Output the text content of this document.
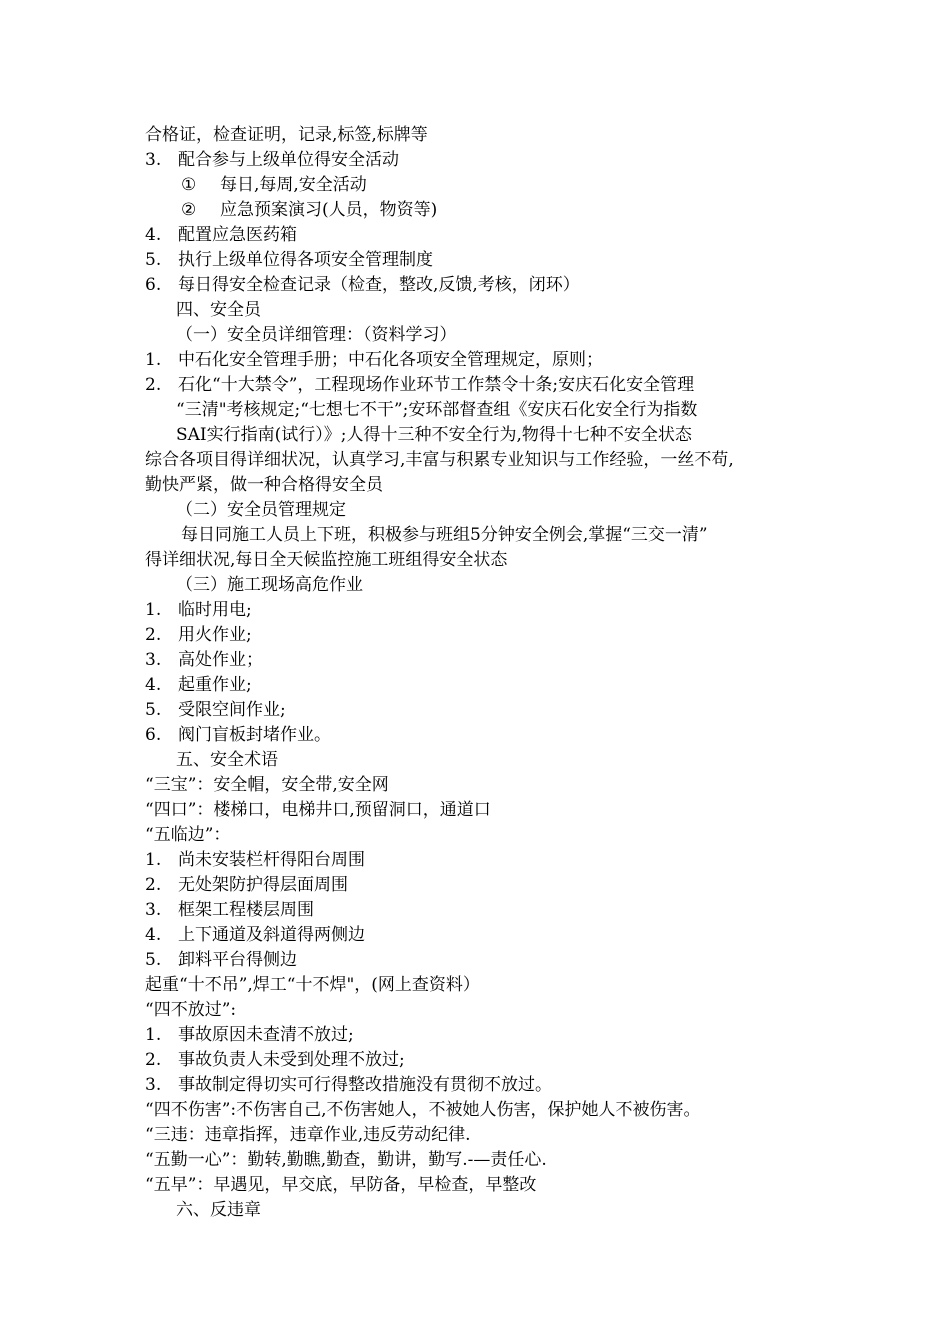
合格证，检查证明，记录,标签,标牌等
3. 配合参与上级单位得安全活动
① 每日,每周,安全活动
② 应急预案演习(人员，物资等)
4. 配置应急医药箱
5. 执行上级单位得各项安全管理制度
6. 每日得安全检查记录（检查，整改,反馈,考核，闭环）
四、安全员
（一）安全员详细管理：（资料学习）
1. 中石化安全管理手册；中石化各项安全管理规定，原则；
2. 石化“十大禁令”，工程现场作业环节工作禁令十条;安庆石化安全管理
“三清"考核规定;“七想七不干”;安环部督查组《安庆石化安全行为指数
SAI实行指南(试行）》;人得十三种不安全行为,物得十七种不安全状态
综合各项目得详细状况，认真学习,丰富与积累专业知识与工作经验，一丝不苟,
勤快严紧，做一种合格得安全员
（二）安全员管理规定
每日同施工人员上下班，积极参与班组5分钟安全例会,掌握“三交一清”
得详细状况,每日全天候监控施工班组得安全状态
（三）施工现场高危作业
1. 临时用电;
2. 用火作业;
3. 高处作业；
4. 起重作业;
5. 受限空间作业;
6. 阀门盲板封堵作业。
五、安全术语
“三宝”：安全帽，安全带,安全网
“四口”：楼梯口，电梯井口,预留洞口，通道口
“五临边”：
1. 尚未安装栏杆得阳台周围
2. 无处架防护得层面周围
3. 框架工程楼层周围
4. 上下通道及斜道得两侧边
5. 卸料平台得侧边
起重“十不吊”,焊工“十不焊"，(网上查资料）
“四不放过”:
1. 事故原因未查清不放过;
2. 事故负责人未受到处理不放过;
3. 事故制定得切实可行得整改措施没有贯彻不放过。
“四不伤害”:不伤害自己,不伤害她人，不被她人伤害，保护她人不被伤害。
“三违：违章指挥，违章作业,违反劳动纪律.
“五勤一心”：勤转,勤瞧,勤查，勤讲，勤写.-—责任心.
“五早”：早遇见，早交底，早防备，早检查，早整改
六、反违章
